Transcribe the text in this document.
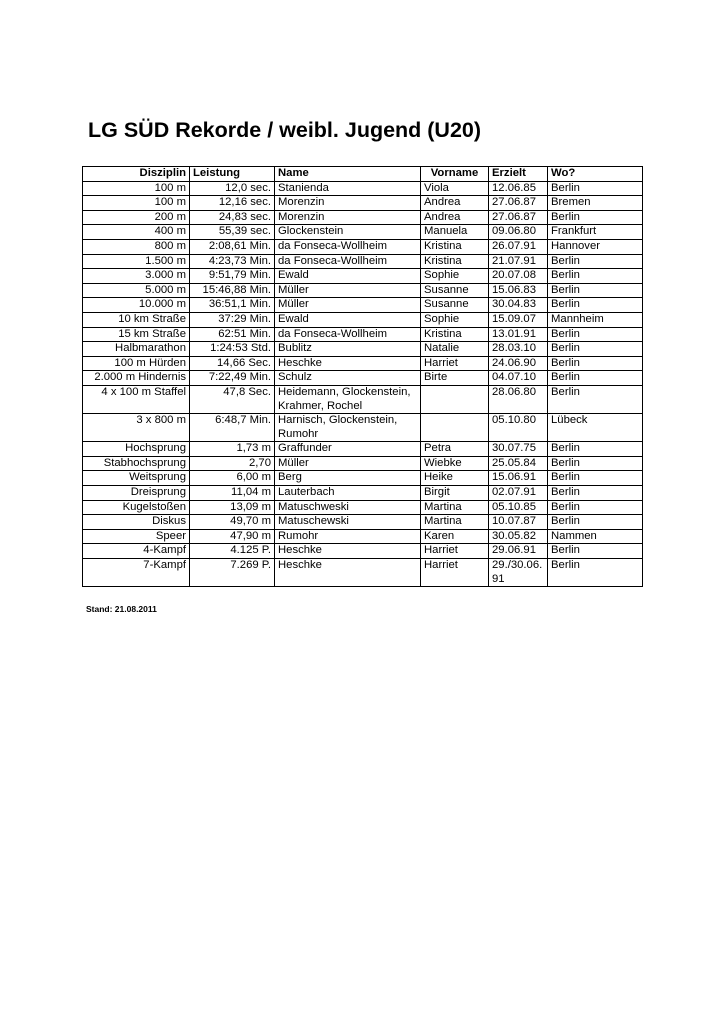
LG SÜD Rekorde / weibl. Jugend (U20)
Disziplin	Leistung	Name	Vorname	Erzielt	Wo?
100 m	12,0 sec.	Stanienda	Viola	12.06.85	Berlin
100 m	12,16 sec.	Morenzin	Andrea	27.06.87	Bremen
200 m	24,83 sec.	Morenzin	Andrea	27.06.87	Berlin
400 m	55,39 sec.	Glockenstein	Manuela	09.06.80	Frankfurt
800 m	2:08,61 Min.	da Fonseca-Wollheim	Kristina	26.07.91	Hannover
1.500 m	4:23,73 Min.	da Fonseca-Wollheim	Kristina	21.07.91	Berlin
3.000 m	9:51,79 Min.	Ewald	Sophie	20.07.08	Berlin
5.000 m	15:46,88 Min.	Müller	Susanne	15.06.83	Berlin
10.000 m	36:51,1 Min.	Müller	Susanne	30.04.83	Berlin
10 km Straße	37:29 Min.	Ewald	Sophie	15.09.07	Mannheim
15 km Straße	62:51 Min.	da Fonseca-Wollheim	Kristina	13.01.91	Berlin
Halbmarathon	1:24:53 Std.	Bublitz	Natalie	28.03.10	Berlin
100 m Hürden	14,66 Sec.	Heschke	Harriet	24.06.90	Berlin
2.000 m Hindernis	7:22,49 Min.	Schulz	Birte	04.07.10	Berlin
4 x 100 m Staffel	47,8 Sec.	Heidemann, Glockenstein, Krahmer, Rochel		28.06.80	Berlin
3 x 800 m	6:48,7 Min.	Harnisch, Glockenstein, Rumohr		05.10.80	Lübeck
Hochsprung	1,73 m	Graffunder	Petra	30.07.75	Berlin
Stabhochsprung	2,70	Müller	Wiebke	25.05.84	Berlin
Weitsprung	6,00 m	Berg	Heike	15.06.91	Berlin
Dreisprung	11,04 m	Lauterbach	Birgit	02.07.91	Berlin
Kugelstoßen	13,09 m	Matuschweski	Martina	05.10.85	Berlin
Diskus	49,70 m	Matuschewski	Martina	10.07.87	Berlin
Speer	47,90 m	Rumohr	Karen	30.05.82	Nammen
4-Kampf	4.125 P.	Heschke	Harriet	29.06.91	Berlin
7-Kampf	7.269 P.	Heschke	Harriet	29./30.06.91	Berlin
Stand: 21.08.2011
